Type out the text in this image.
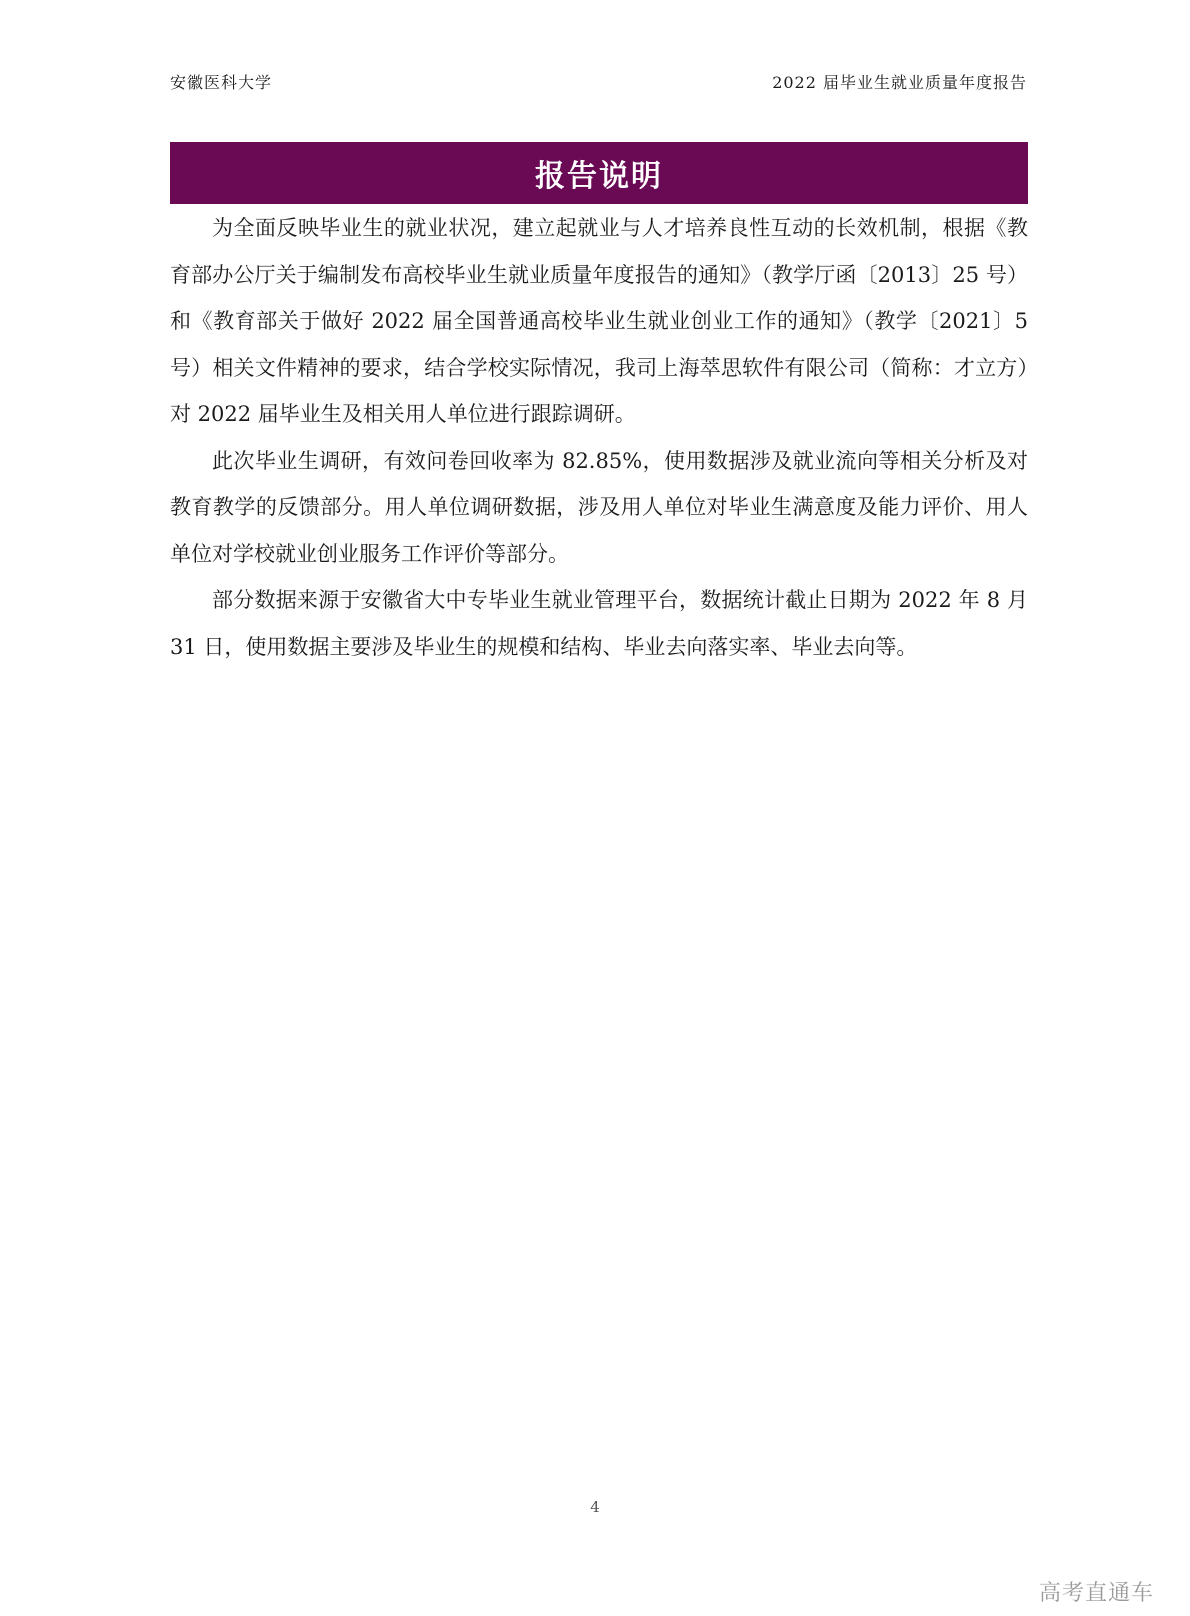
安徽医科大学	2022 届毕业生就业质量年度报告
报告说明

为全面反映毕业生的就业状况，建立起就业与人才培养良性互动的长效机制，根据《教育部办公厅关于编制发布高校毕业生就业质量年度报告的通知》（教学厅函〔2013〕25 号）和《教育部关于做好 2022 届全国普通高校毕业生就业创业工作的通知》（教学〔2021〕5 号）相关文件精神的要求，结合学校实际情况，我司上海萃思软件有限公司（简称：才立方）对 2022 届毕业生及相关用人单位进行跟踪调研。

此次毕业生调研，有效问卷回收率为 82.85%，使用数据涉及就业流向等相关分析及对教育教学的反馈部分。用人单位调研数据，涉及用人单位对毕业生满意度及能力评价、用人单位对学校就业创业服务工作评价等部分。

部分数据来源于安徽省大中专毕业生就业管理平台，数据统计截止日期为 2022 年 8 月 31 日，使用数据主要涉及毕业生的规模和结构、毕业去向落实率、毕业去向等。

4
高考直通车
